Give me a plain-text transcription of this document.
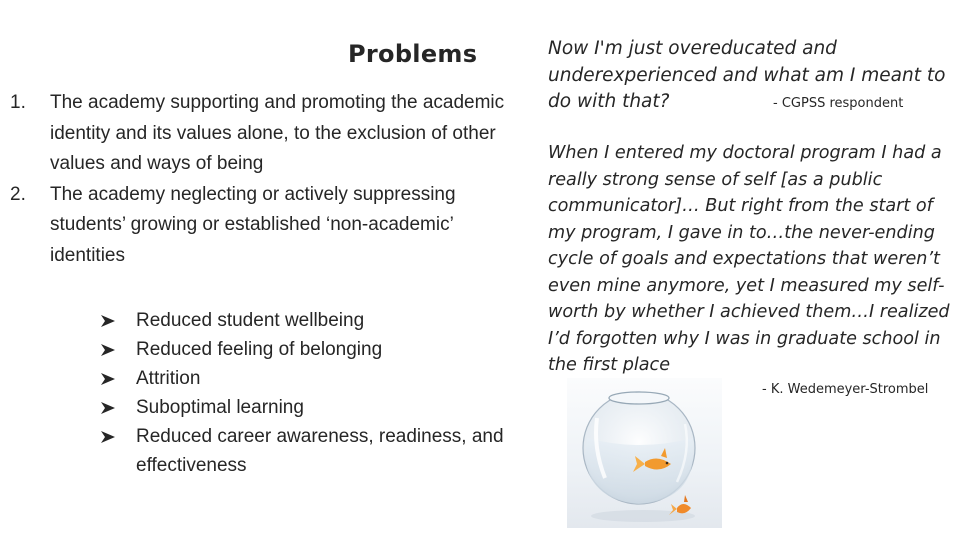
Problems
1. The academy supporting and promoting the academic identity and its values alone, to the exclusion of other values and ways of being
2. The academy neglecting or actively suppressing students’ growing or established ‘non-academic’ identities
Reduced student wellbeing
Reduced feeling of belonging
Attrition
Suboptimal learning
Reduced career awareness, readiness, and effectiveness
Now I'm just overeducated and underexperienced and what am I meant to do with that?	- CGPSS respondent
When I entered my doctoral program I had a really strong sense of self [as a public communicator]… But right from the start of my program, I gave in to…the never-ending cycle of goals and expectations that weren’t even mine anymore, yet I measured my self-worth by whether I achieved them…I realized I’d forgotten why I was in graduate school in the first place
- K. Wedemeyer-Strombel
